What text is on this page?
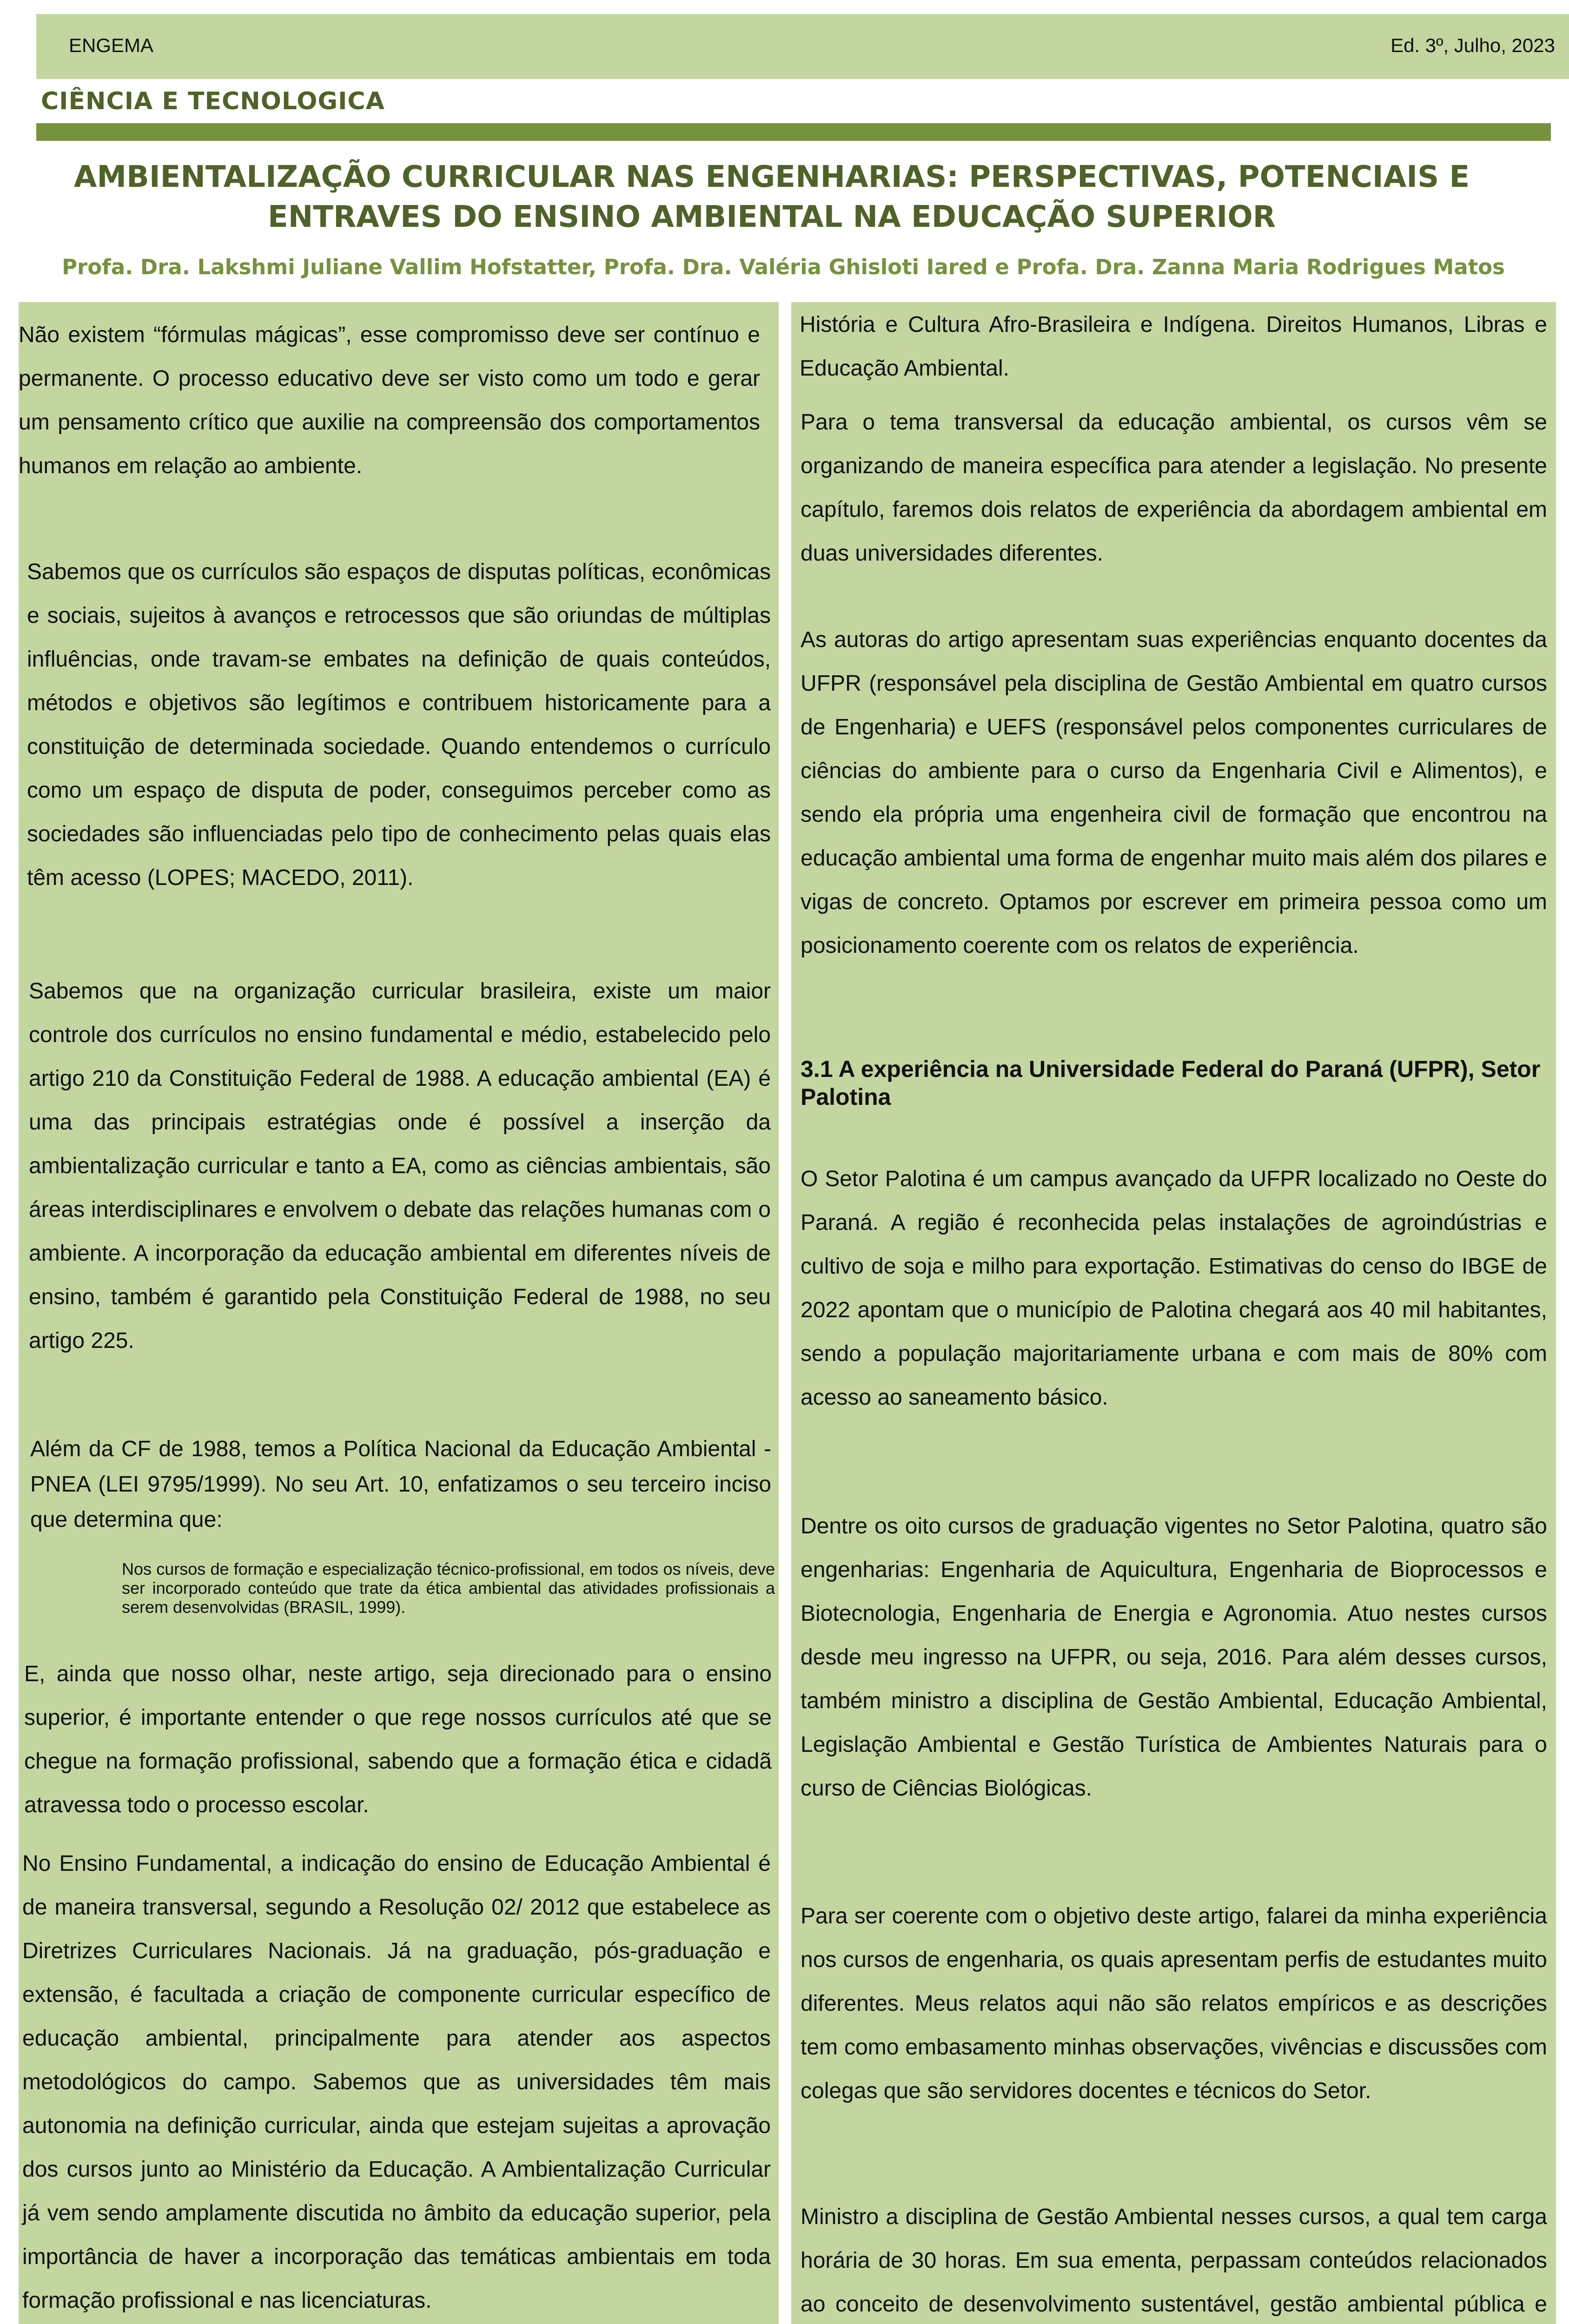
ENGEMA	Ed. 3º, Julho, 2023
CIÊNCIA E TECNOLOGICA
AMBIENTALIZAÇÃO CURRICULAR NAS ENGENHARIAS: PERSPECTIVAS, POTENCIAIS E ENTRAVES DO ENSINO AMBIENTAL NA EDUCAÇÃO SUPERIOR
Profa. Dra. Lakshmi Juliane Vallim Hofstatter, Profa. Dra. Valéria Ghisloti Iared e Profa. Dra. Zanna Maria Rodrigues Matos
Não existem “fórmulas mágicas”, esse compromisso deve ser contínuo e permanente. O processo educativo deve ser visto como um todo e gerar um pensamento crítico que auxilie na compreensão dos comportamentos humanos em relação ao ambiente.
Sabemos que os currículos são espaços de disputas políticas, econômicas e sociais, sujeitos à avanços e retrocessos que são oriundas de múltiplas influências, onde travam-se embates na definição de quais conteúdos, métodos e objetivos são legítimos e contribuem historicamente para a constituição de determinada sociedade. Quando entendemos o currículo como um espaço de disputa de poder, conseguimos perceber como as sociedades são influenciadas pelo tipo de conhecimento pelas quais elas têm acesso (LOPES; MACEDO, 2011).
Sabemos que na organização curricular brasileira, existe um maior controle dos currículos no ensino fundamental e médio, estabelecido pelo artigo 210 da Constituição Federal de 1988. A educação ambiental (EA) é uma das principais estratégias onde é possível a inserção da ambientalização curricular e tanto a EA, como as ciências ambientais, são áreas interdisciplinares e envolvem o debate das relações humanas com o ambiente. A incorporação da educação ambiental em diferentes níveis de ensino, também é garantido pela Constituição Federal de 1988, no seu artigo 225.
Além da CF de 1988, temos a Política Nacional da Educação Ambiental - PNEA (LEI 9795/1999). No seu Art. 10, enfatizamos o seu terceiro inciso que determina que:
Nos cursos de formação e especialização técnico-profissional, em todos os níveis, deve ser incorporado conteúdo que trate da ética ambiental das atividades profissionais a serem desenvolvidas (BRASIL, 1999).
E, ainda que nosso olhar, neste artigo, seja direcionado para o ensino superior, é importante entender o que rege nossos currículos até que se chegue na formação profissional, sabendo que a formação ética e cidadã atravessa todo o processo escolar.
No Ensino Fundamental, a indicação do ensino de Educação Ambiental é de maneira transversal, segundo a Resolução 02/ 2012 que estabelece as Diretrizes Curriculares Nacionais. Já na graduação, pós-graduação e extensão, é facultada a criação de componente curricular específico de educação ambiental, principalmente para atender aos aspectos metodológicos do campo. Sabemos que as universidades têm mais autonomia na definição curricular, ainda que estejam sujeitas a aprovação dos cursos junto ao Ministério da Educação. A Ambientalização Curricular já vem sendo amplamente discutida no âmbito da educação superior, pela importância de haver a incorporação das temáticas ambientais em toda formação profissional e nas licenciaturas.
História e Cultura Afro-Brasileira e Indígena. Direitos Humanos, Libras e Educação Ambiental.
Para o tema transversal da educação ambiental, os cursos vêm se organizando de maneira específica para atender a legislação. No presente capítulo, faremos dois relatos de experiência da abordagem ambiental em duas universidades diferentes.
As autoras do artigo apresentam suas experiências enquanto docentes da UFPR (responsável pela disciplina de Gestão Ambiental em quatro cursos de Engenharia) e UEFS (responsável pelos componentes curriculares de ciências do ambiente para o curso da Engenharia Civil e Alimentos), e sendo ela própria uma engenheira civil de formação que encontrou na educação ambiental uma forma de engenhar muito mais além dos pilares e vigas de concreto. Optamos por escrever em primeira pessoa como um posicionamento coerente com os relatos de experiência.
3.1 A experiência na Universidade Federal do Paraná (UFPR), Setor Palotina
O Setor Palotina é um campus avançado da UFPR localizado no Oeste do Paraná. A região é reconhecida pelas instalações de agroindústrias e cultivo de soja e milho para exportação. Estimativas do censo do IBGE de 2022 apontam que o município de Palotina chegará aos 40 mil habitantes, sendo a população majoritariamente urbana e com mais de 80% com acesso ao saneamento básico.
Dentre os oito cursos de graduação vigentes no Setor Palotina, quatro são engenharias: Engenharia de Aquicultura, Engenharia de Bioprocessos e Biotecnologia, Engenharia de Energia e Agronomia. Atuo nestes cursos desde meu ingresso na UFPR, ou seja, 2016. Para além desses cursos, também ministro a disciplina de Gestão Ambiental, Educação Ambiental, Legislação Ambiental e Gestão Turística de Ambientes Naturais para o curso de Ciências Biológicas.
Para ser coerente com o objetivo deste artigo, falarei da minha experiência nos cursos de engenharia, os quais apresentam perfis de estudantes muito diferentes. Meus relatos aqui não são relatos empíricos e as descrições tem como embasamento minhas observações, vivências e discussões com colegas que são servidores docentes e técnicos do Setor.
Ministro a disciplina de Gestão Ambiental nesses cursos, a qual tem carga horária de 30 horas. Em sua ementa, perpassam conteúdos relacionados ao conceito de desenvolvimento sustentável, gestão ambiental pública e
